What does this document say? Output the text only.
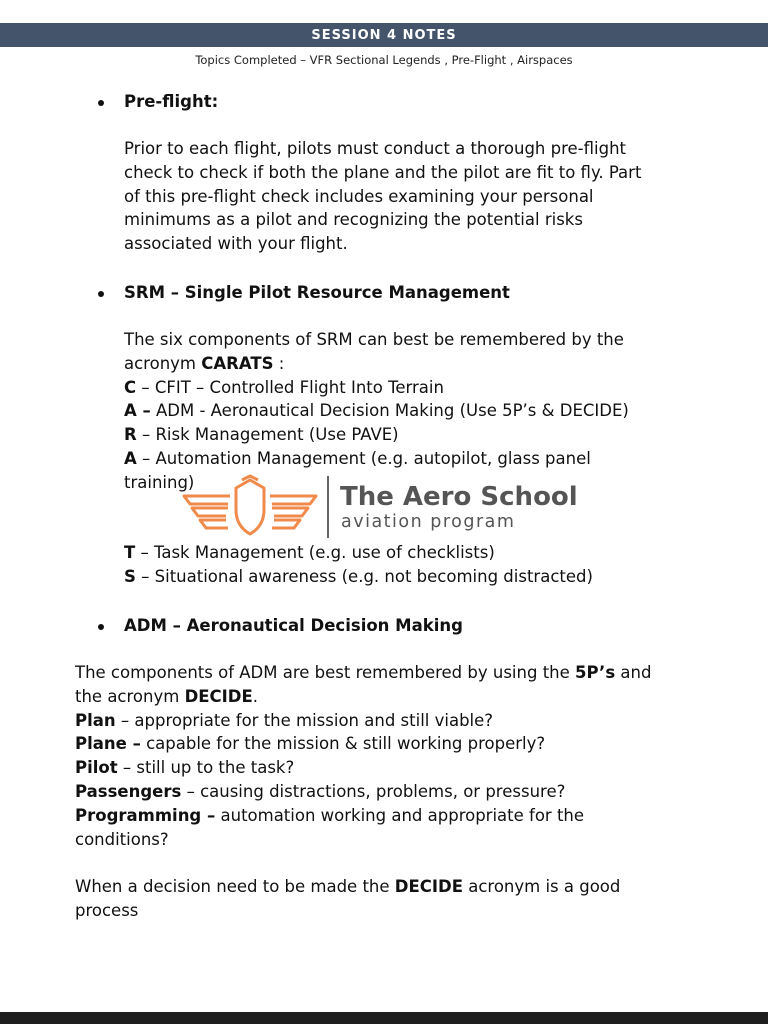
SESSION 4 NOTES
Topics Completed – VFR Sectional Legends , Pre-Flight , Airspaces
Pre-flight:
Prior to each flight, pilots must conduct a thorough pre-flight
check to check if both the plane and the pilot are fit to fly. Part
of this pre-flight check includes examining your personal
minimums as a pilot and recognizing the potential risks
associated with your flight.
SRM – Single Pilot Resource Management
The six components of SRM can best be remembered by the
acronym CARATS :
C – CFIT – Controlled Flight Into Terrain
A – ADM - Aeronautical Decision Making (Use 5P’s & DECIDE)
R – Risk Management (Use PAVE)
A – Automation Management (e.g. autopilot, glass panel
training)	The Aero School
aviation program
T – Task Management (e.g. use of checklists)
S – Situational awareness (e.g. not becoming distracted)
ADM – Aeronautical Decision Making
The components of ADM are best remembered by using the 5P’s and
the acronym DECIDE.
Plan – appropriate for the mission and still viable?
Plane – capable for the mission & still working properly?
Pilot – still up to the task?
Passengers – causing distractions, problems, or pressure?
Programming – automation working and appropriate for the
conditions?
When a decision need to be made the DECIDE acronym is a good
process
